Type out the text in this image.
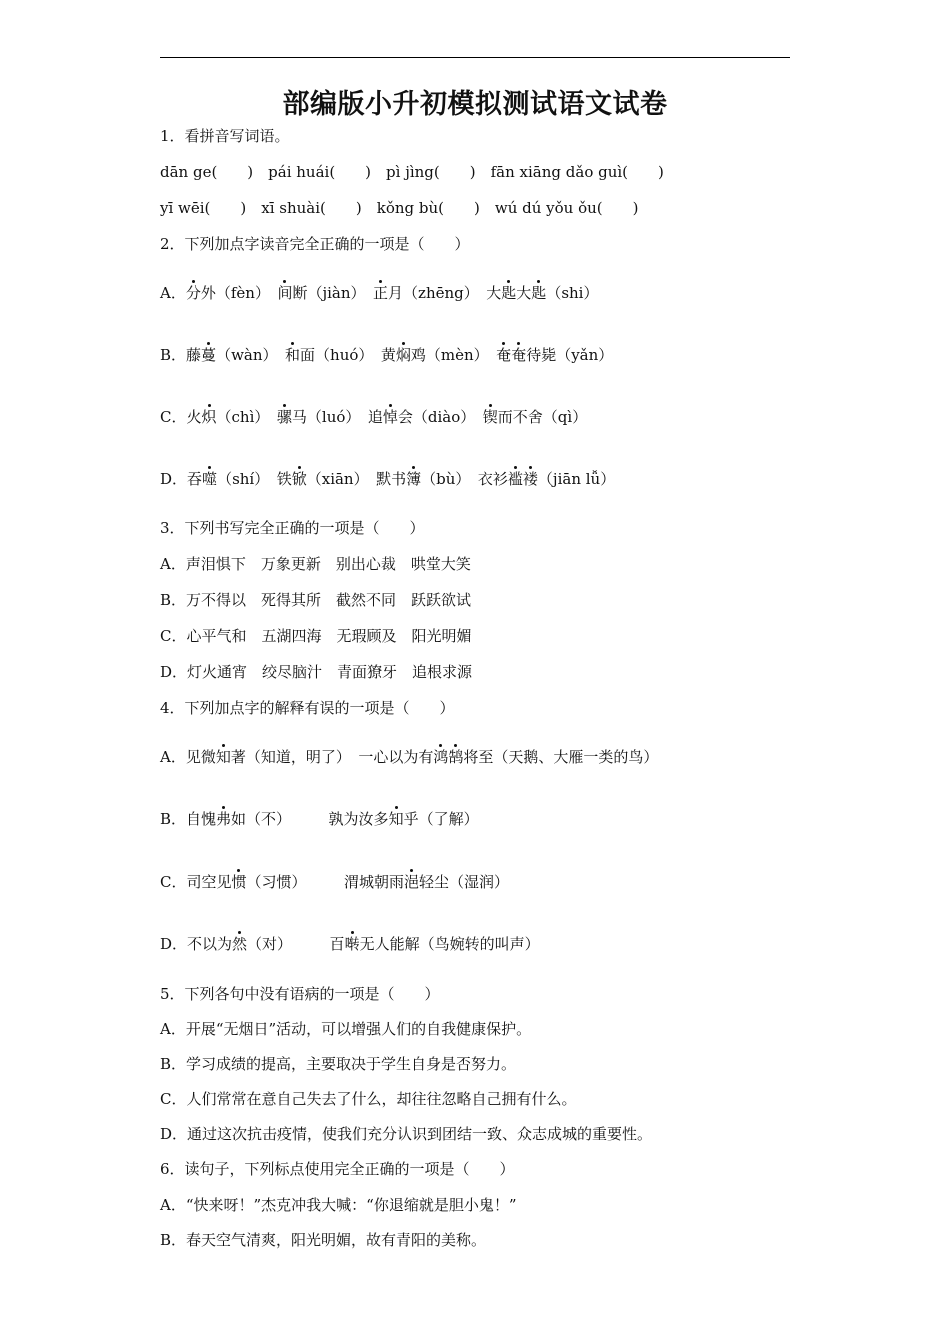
部编版小升初模拟测试语文试卷
1．看拼音写词语。
dān ge(　　)　pái huái(　　)　pì jìng(　　)　fān xiāng dǎo guì(　　)
yī wēi(　　)　xī shuài(　　)　kǒng bù(　　)　wú dú yǒu ǒu(　　)
2．下列加点字读音完全正确的一项是（　　）
A．分外（fèn）　间断（jiàn）　正月（zhēng）　大匙大匙（shi）
B．藤蔓（wàn）　和面（huó）　黄焖鸡（mèn）　奄奄待毙（yǎn）
C．火炽（chì）　骡马（luó）　追悼会（diào）　锲而不舍（qì）
D．吞噬（shí）　铁锨（xiān）　默书簿（bù）　衣衫褴褛（jiān lǚ）
3．下列书写完全正确的一项是（　　）
A．声泪惧下　万象更新　别出心裁　哄堂大笑
B．万不得以　死得其所　截然不同　跃跃欲试
C．心平气和　五湖四海　无瑕顾及　阳光明媚
D．灯火通宵　绞尽脑汁　青面獠牙　追根求源
4．下列加点字的解释有误的一项是（　　）
A．见微知著（知道，明了）　一心以为有鸿鹄将至（天鹅、大雁一类的鸟）
B．自愧弗如（不）　　　孰为汝多知乎（了解）
C．司空见惯（习惯）　　　渭城朝雨浥轻尘（湿润）
D．不以为然（对）　　　百啭无人能解（鸟婉转的叫声）
5．下列各句中没有语病的一项是（　　）
A．开展“无烟日”活动，可以增强人们的自我健康保护。
B．学习成绩的提高，主要取决于学生自身是否努力。
C．人们常常在意自己失去了什么，却往往忽略自己拥有什么。
D．通过这次抗击疫情，使我们充分认识到团结一致、众志成城的重要性。
6．读句子，下列标点使用完全正确的一项是（　　）
A．“快来呀！”杰克冲我大喊：“你退缩就是胆小鬼！”
B．春天空气清爽，阳光明媚，故有青阳的美称。
